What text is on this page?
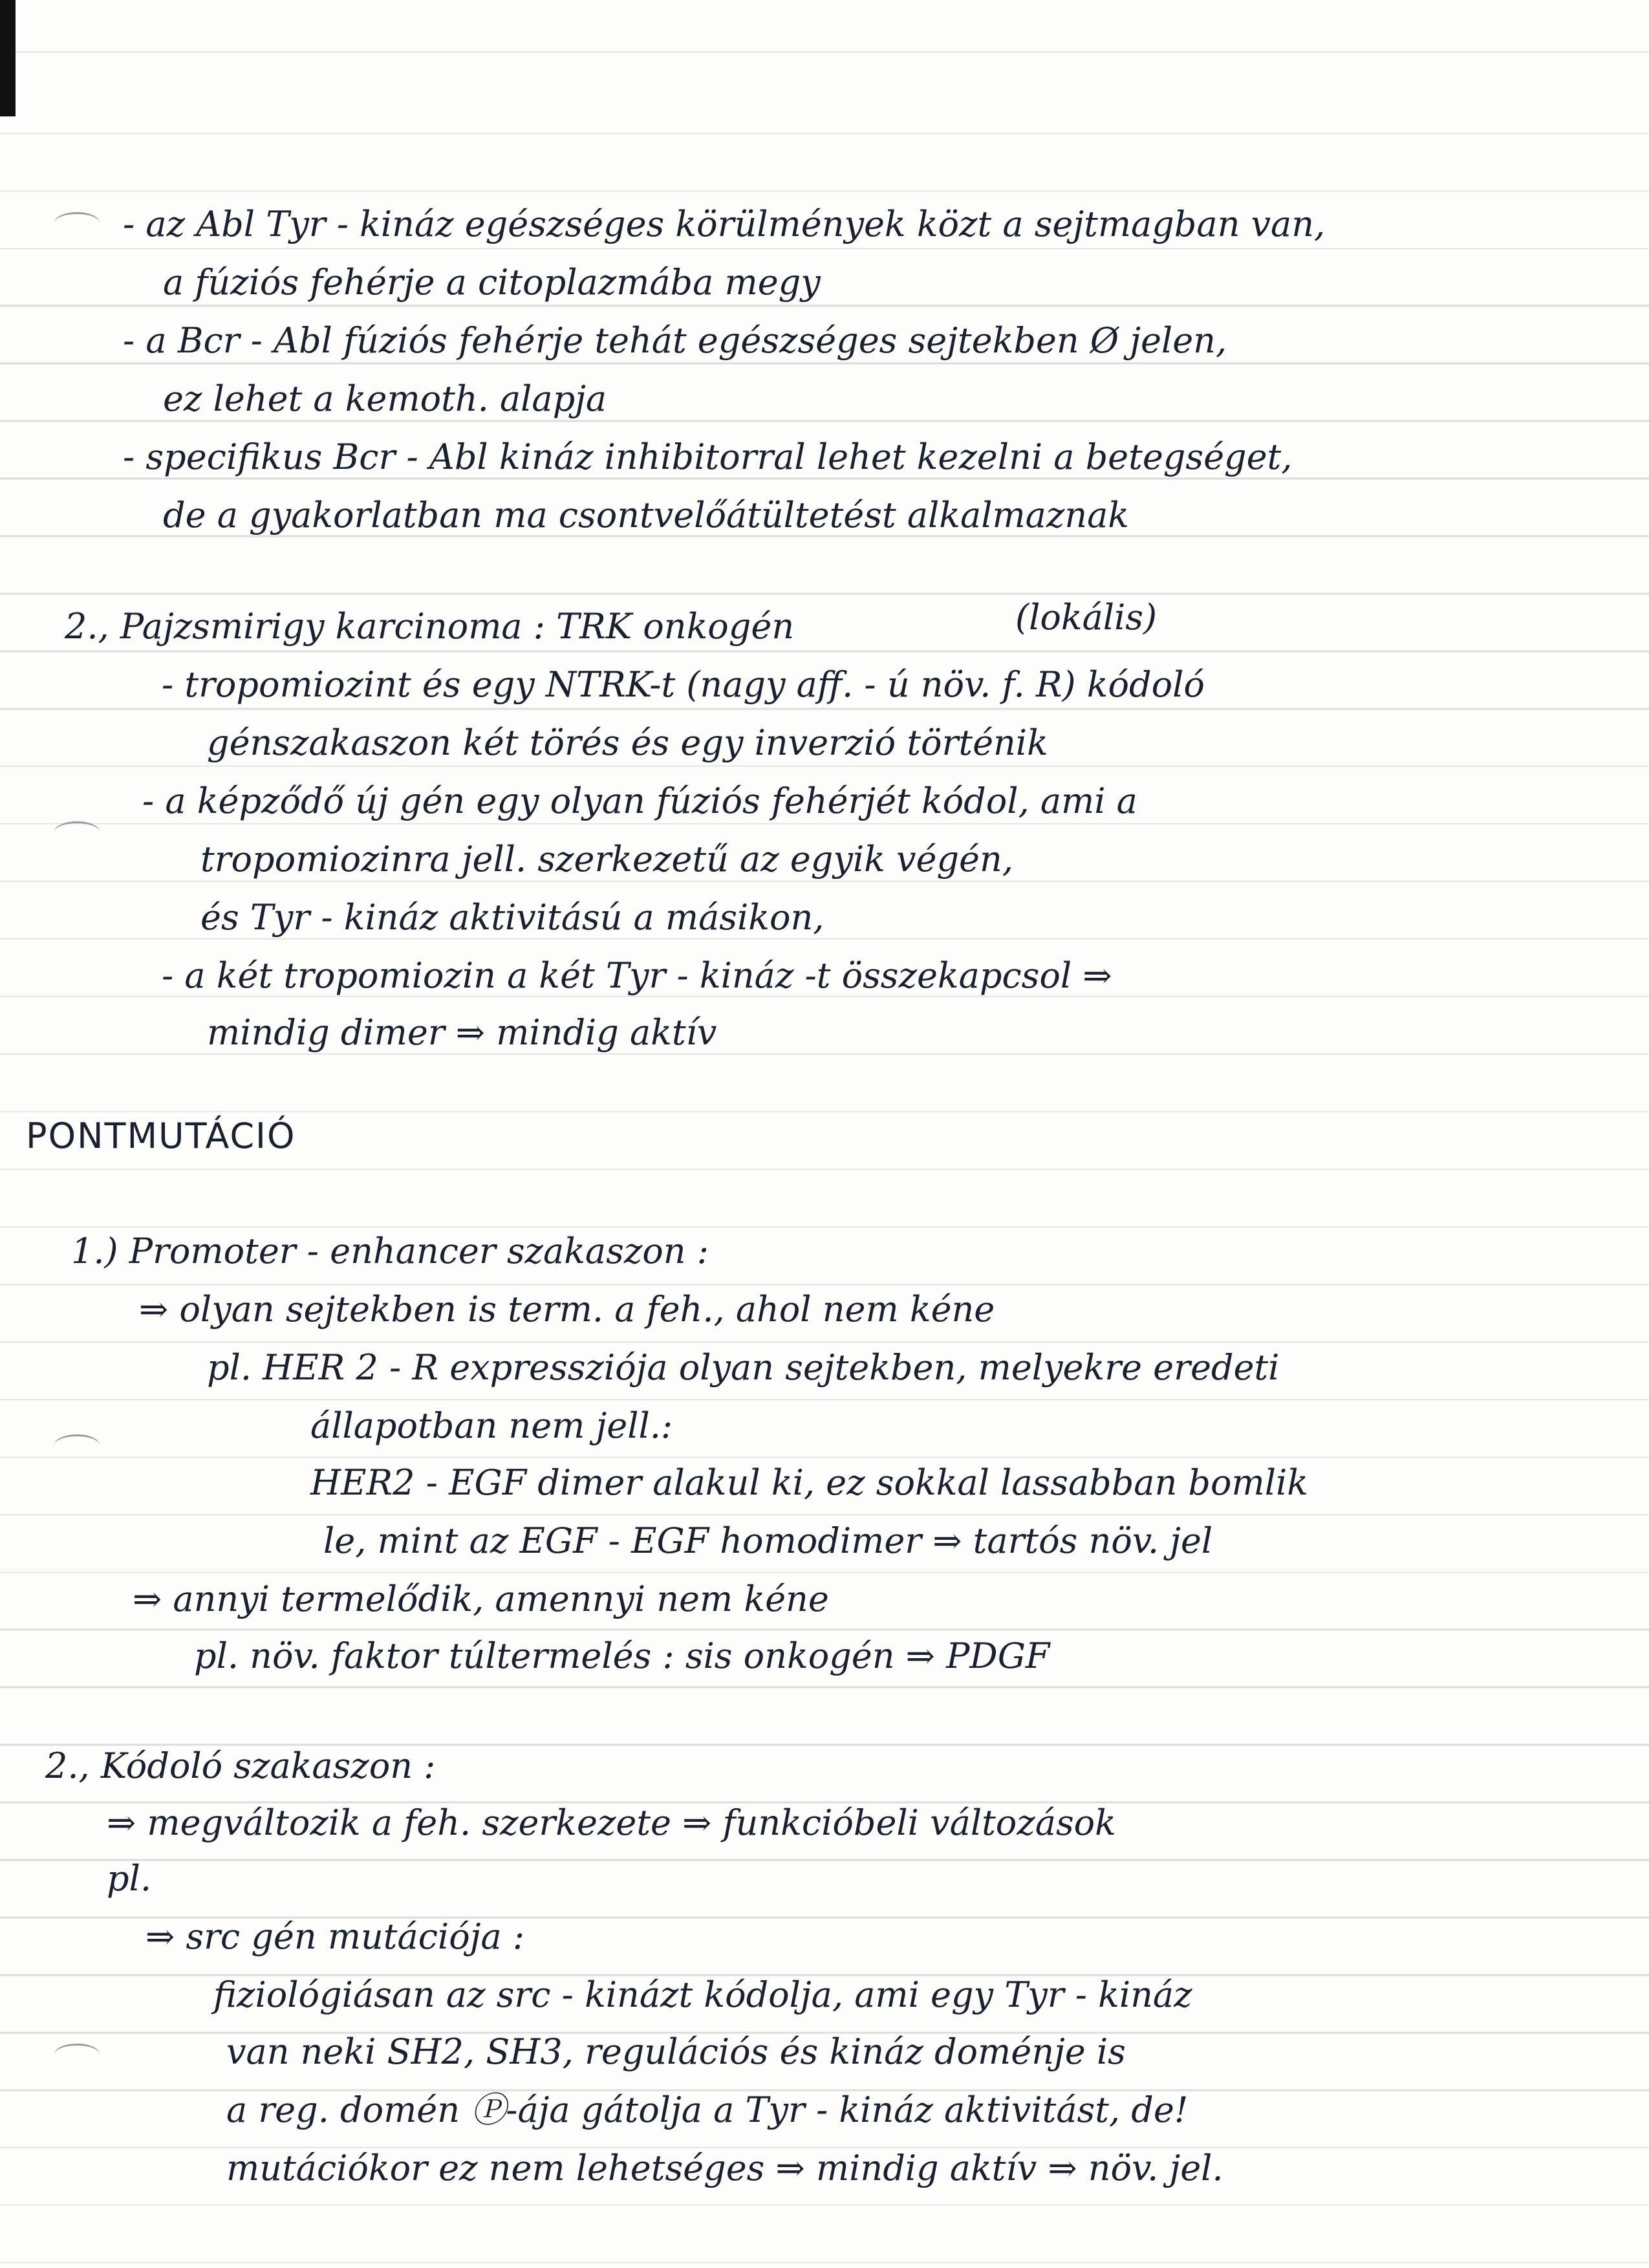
- az Abl Tyr - kináz egészséges körülmények közt a sejtmagban van,
a fúziós fehérje a citoplazmába megy
- a Bcr - Abl fúziós fehérje tehát egészséges sejtekben Ø jelen,
ez lehet a kemoth. alapja
- specifikus Bcr - Abl kináz inhibitorral lehet kezelni a betegséget,
de a gyakorlatban ma csontvelőátültetést alkalmaznak
2., Pajzsmirigy karcinoma : TRK onkogén	(lokális)
- tropomiozint és egy NTRK-t (nagy aff. - ú növ. f. R) kódoló
génszakaszon két törés és egy inverzió történik
- a képződő új gén egy olyan fúziós fehérjét kódol, ami a
tropomiozinra jell. szerkezetű az egyik végén,
és Tyr - kináz aktivitású a másikon,
- a két tropomiozin a két Tyr - kináz -t összekapcsol ⇒
mindig dimer ⇒ mindig aktív
PONTMUTÁCIÓ
1.) Promoter - enhancer szakaszon :
⇒ olyan sejtekben is term. a feh., ahol nem kéne
pl. HER 2 - R expressziója olyan sejtekben, melyekre eredeti
állapotban nem jell.:
HER2 - EGF dimer alakul ki, ez sokkal lassabban bomlik
le, mint az EGF - EGF homodimer ⇒ tartós növ. jel
⇒ annyi termelődik, amennyi nem kéne
pl. növ. faktor túltermelés : sis onkogén ⇒ PDGF
2., Kódoló szakaszon :
⇒ megváltozik a feh. szerkezete ⇒ funkcióbeli változások
pl.
⇒ src gén mutációja :
fiziológiásan az src - kinázt kódolja, ami egy Tyr - kináz
van neki SH2, SH3, regulációs és kináz doménje is
a reg. domén Ⓟ-ája gátolja a Tyr - kináz aktivitást, de!
mutációkor ez nem lehetséges ⇒ mindig aktív ⇒ növ. jel.
